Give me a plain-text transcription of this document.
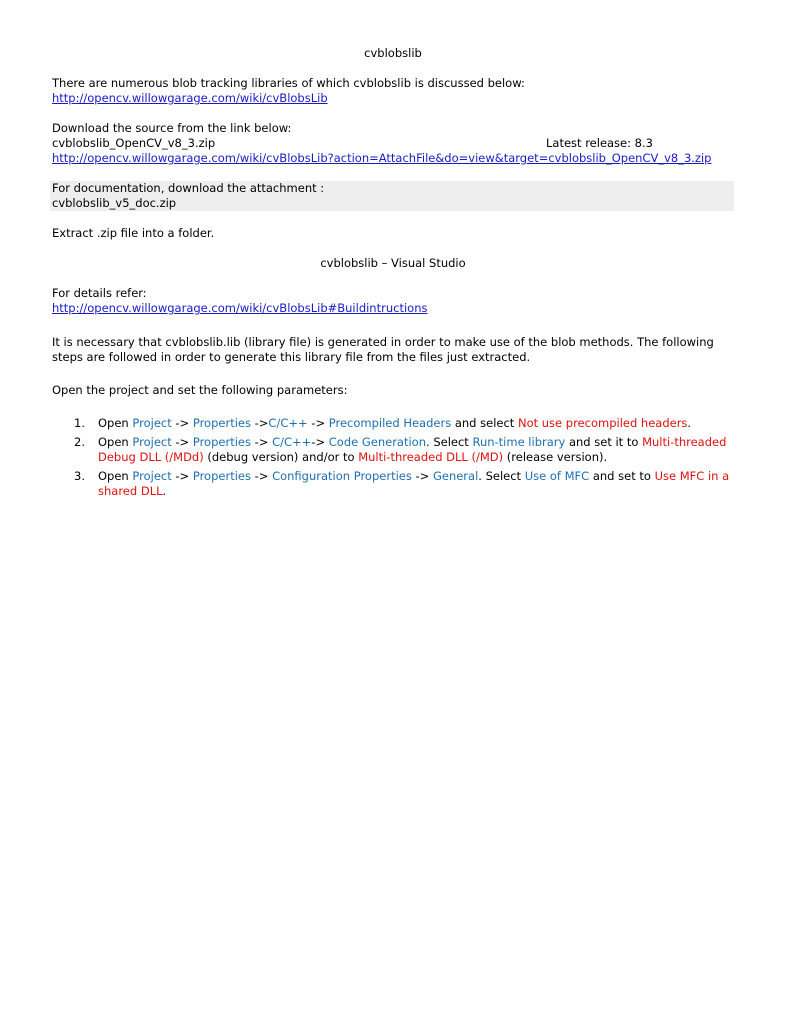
cvblobslib
There are numerous blob tracking libraries of which cvblobslib is discussed below:
http://opencv.willowgarage.com/wiki/cvBlobsLib
Download the source from the link below:
cvblobslib_OpenCV_v8_3.zip	Latest release: 8.3
http://opencv.willowgarage.com/wiki/cvBlobsLib?action=AttachFile&do=view&target=cvblobslib_OpenCV_v8_3.zip
For documentation, download the attachment :
cvblobslib_v5_doc.zip
Extract .zip file into a folder.
cvblobslib – Visual Studio
For details refer:
http://opencv.willowgarage.com/wiki/cvBlobsLib#Buildintructions
It is necessary that cvblobslib.lib (library file) is generated in order to make use of the blob methods. The following steps are followed in order to generate this library file from the files just extracted.
Open the project and set the following parameters:
1. Open Project -> Properties ->C/C++ -> Precompiled Headers and select Not use precompiled headers.
2. Open Project -> Properties -> C/C++-> Code Generation. Select Run-time library and set it to Multi-threaded Debug DLL (/MDd) (debug version) and/or to Multi-threaded DLL (/MD) (release version).
3. Open Project -> Properties -> Configuration Properties -> General. Select Use of MFC and set to Use MFC in a shared DLL.
